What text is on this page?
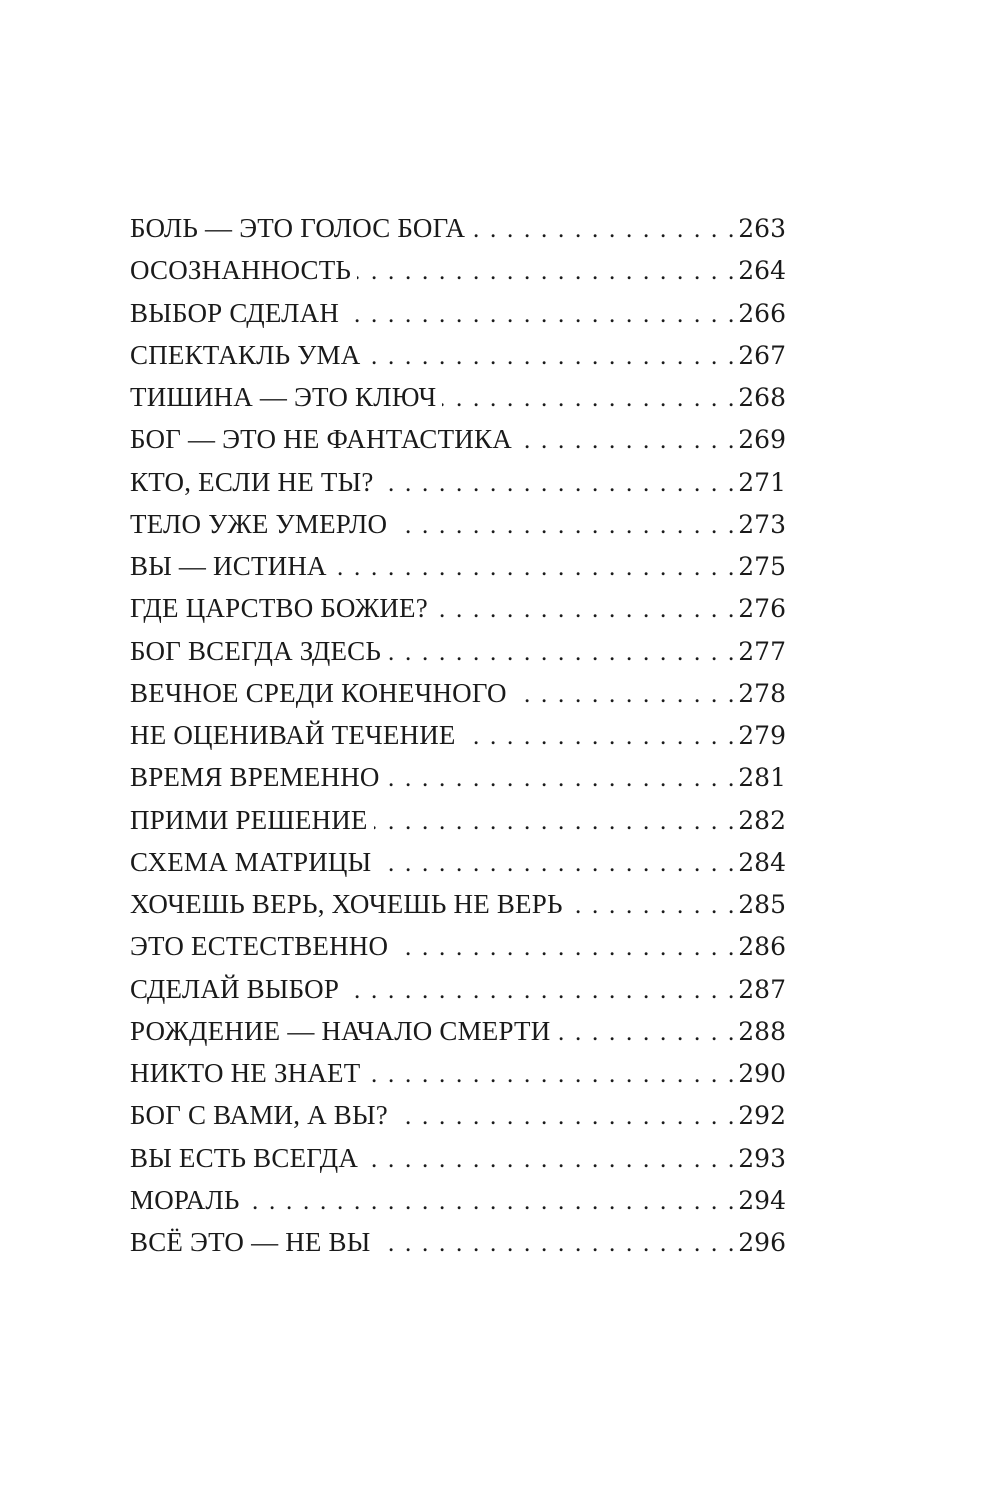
БОЛЬ — ЭТО ГОЛОС БОГА . . .	263
ОСОЗНАННОСТЬ . . .	264
ВЫБОР СДЕЛАН . . .	266
СПЕКТАКЛЬ УМА . . .	267
ТИШИНА — ЭТО КЛЮЧ . . .	268
БОГ — ЭТО НЕ ФАНТАСТИКА . . .	269
КТО, ЕСЛИ НЕ ТЫ? . . .	271
ТЕЛО УЖЕ УМЕРЛО . . .	273
ВЫ — ИСТИНА . . .	275
ГДЕ ЦАРСТВО БОЖИЕ? . . .	276
БОГ ВСЕГДА ЗДЕСЬ . . .	277
ВЕЧНОЕ СРЕДИ КОНЕЧНОГО . . .	278
НЕ ОЦЕНИВАЙ ТЕЧЕНИЕ . . .	279
ВРЕМЯ ВРЕМЕННО . . .	281
ПРИМИ РЕШЕНИЕ . . .	282
СХЕМА МАТРИЦЫ . . .	284
ХОЧЕШЬ ВЕРЬ, ХОЧЕШЬ НЕ ВЕРЬ . . .	285
ЭТО ЕСТЕСТВЕННО . . .	286
СДЕЛАЙ ВЫБОР . . .	287
РОЖДЕНИЕ — НАЧАЛО СМЕРТИ . . .	288
НИКТО НЕ ЗНАЕТ . . .	290
БОГ С ВАМИ, А ВЫ? . . .	292
ВЫ ЕСТЬ ВСЕГДА . . .	293
МОРАЛЬ . . .	294
ВСЁ ЭТО — НЕ ВЫ . . .	296
